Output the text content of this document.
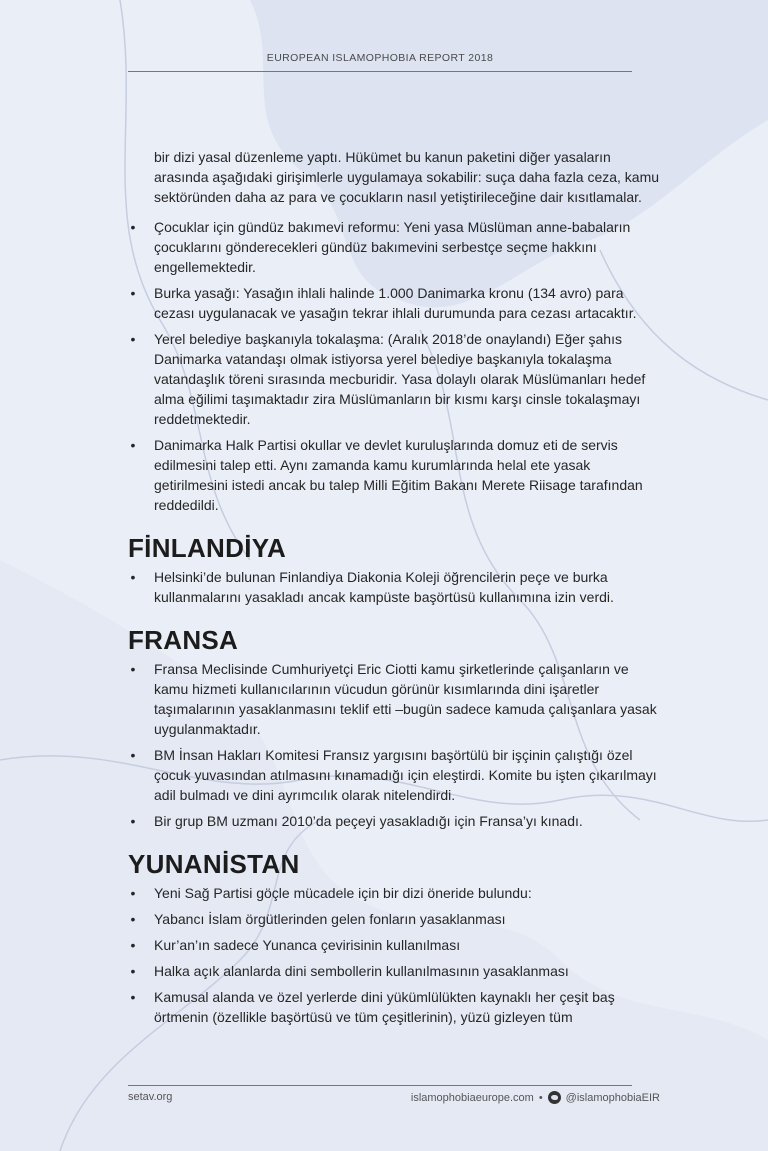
EUROPEAN ISLAMOPHOBIA REPORT 2018

bir dizi yasal düzenleme yaptı. Hükümet bu kanun paketini diğer yasaların arasında aşağıdaki girişimlerle uygulamaya sokabilir: suça daha fazla ceza, kamu sektöründen daha az para ve çocukların nasıl yetiştirileceğine dair kısıtlamalar.

• Çocuklar için gündüz bakımevi reformu: Yeni yasa Müslüman anne-babaların çocuklarını gönderecekleri gündüz bakımevini serbestçe seçme hakkını engellemektedir.
• Burka yasağı: Yasağın ihlali halinde 1.000 Danimarka kronu (134 avro) para cezası uygulanacak ve yasağın tekrar ihlali durumunda para cezası artacaktır.
• Yerel belediye başkanıyla tokalaşma: (Aralık 2018’de onaylandı) Eğer şahıs Danimarka vatandaşı olmak istiyorsa yerel belediye başkanıyla tokalaşma vatandaşlık töreni sırasında mecburidir. Yasa dolaylı olarak Müslümanları hedef alma eğilimi taşımaktadır zira Müslümanların bir kısmı karşı cinsle tokalaşmayı reddetmektedir.
• Danimarka Halk Partisi okullar ve devlet kuruluşlarında domuz eti de servis edilmesini talep etti. Aynı zamanda kamu kurumlarında helal ete yasak getirilmesini istedi ancak bu talep Milli Eğitim Bakanı Merete Riisage tarafından reddedildi.
FİNLANDİYA
• Helsinki’de bulunan Finlandiya Diakonia Koleji öğrencilerin peçe ve burka kullanmalarını yasakladı ancak kampüste başörtüsü kullanımına izin verdi.
FRANSA
• Fransa Meclisinde Cumhuriyetçi Eric Ciotti kamu şirketlerinde çalışanların ve kamu hizmeti kullanıcılarının vücudun görünür kısımlarında dini işaretler taşımalarının yasaklanmasını teklif etti –bugün sadece kamuda çalışanlara yasak uygulanmaktadır.
• BM İnsan Hakları Komitesi Fransız yargısını başörtülü bir işçinin çalıştığı özel çocuk yuvasından atılmasını kınamadığı için eleştirdi. Komite bu işten çıkarılmayı adil bulmadı ve dini ayrımcılık olarak nitelendirdi.
• Bir grup BM uzmanı 2010’da peçeyi yasakladığı için Fransa’yı kınadı.
YUNANİSTAN
• Yeni Sağ Partisi göçle mücadele için bir dizi öneride bulundu:
• Yabancı İslam örgütlerinden gelen fonların yasaklanması
• Kur’an’ın sadece Yunanca çevirisinin kullanılması
• Halka açık alanlarda dini sembollerin kullanılmasının yasaklanması
• Kamusal alanda ve özel yerlerde dini yükümlülükten kaynaklı her çeşit baş örtmenin (özellikle başörtüsü ve tüm çeşitlerinin), yüzü gizleyen tüm
setav.org	islamophobiaeurope.com • @islamophobiaEIR
